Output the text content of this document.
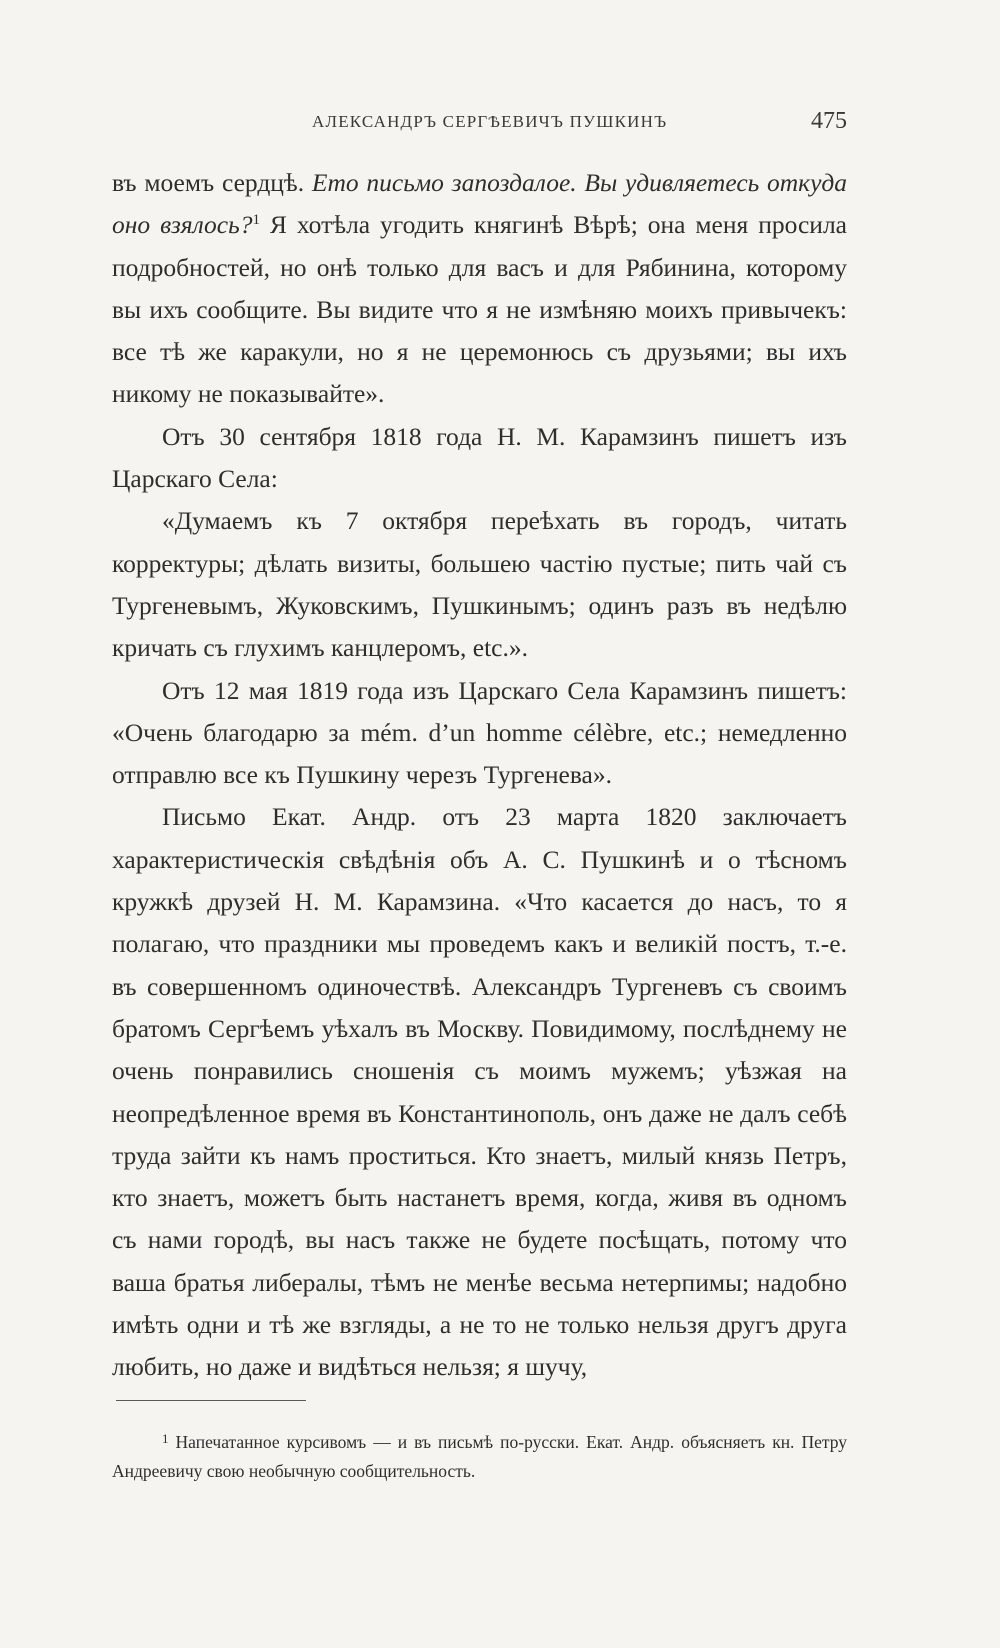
АЛЕКСАНДРЪ СЕРГѢЕВИЧЪ ПУШКИНЪ	475

въ моемъ сердцѣ. Ето письмо запоздалое. Вы удивляетесь откуда оно взялось?$^1$ Я хотѣла угодить княгинѣ Вѣрѣ; она меня просила подробностей, но онѣ только для васъ и для Рябинина, которому вы ихъ сообщите. Вы видите что я не измѣняю моихъ привычекъ: все тѣ же каракули, но я не церемонюсь съ друзьями; вы ихъ никому не показывайте».

Отъ 30 сентября 1818 года Н. М. Карамзинъ пишетъ изъ Царскаго Села:

«Думаемъ къ 7 октября переѣхать въ городъ, читать корректуры; дѣлать визиты, большею частію пустые; пить чай съ Тургеневымъ, Жуковскимъ, Пушкинымъ; одинъ разъ въ недѣлю кричать съ глухимъ канцлеромъ, etc.».

Отъ 12 мая 1819 года изъ Царскаго Села Карамзинъ пишетъ: «Очень благодарю за mém. d’un homme célèbre, etc.; немедленно отправлю все къ Пушкину черезъ Тургенева».

Письмо Екат. Андр. отъ 23 марта 1820 заключаетъ характеристическія свѣдѣнія объ А. С. Пушкинѣ и о тѣсномъ кружкѣ друзей Н. М. Карамзина. «Что касается до насъ, то я полагаю, что праздники мы проведемъ какъ и великій постъ, т.-е. въ совершенномъ одиночествѣ. Александръ Тургеневъ съ своимъ братомъ Сергѣемъ уѣхалъ въ Москву. Повидимому, послѣднему не очень понравились сношенія съ моимъ мужемъ; уѣзжая на неопредѣленное время въ Константинополь, онъ даже не далъ себѣ труда зайти къ намъ проститься. Кто знаетъ, милый князь Петръ, кто знаетъ, можетъ быть настанетъ время, когда, живя въ одномъ съ нами городѣ, вы насъ также не будете посѣщать, потому что ваша братья либералы, тѣмъ не менѣе весьма нетерпимы; надобно имѣть одни и тѣ же взгляды, а не то не только нельзя другъ друга любить, но даже и видѣться нельзя; я шучу,

$^1$ Напечатанное курсивомъ — и въ письмѣ по-русски. Екат. Андр. объясняетъ кн. Петру Андреевичу свою необычную сообщительность.
